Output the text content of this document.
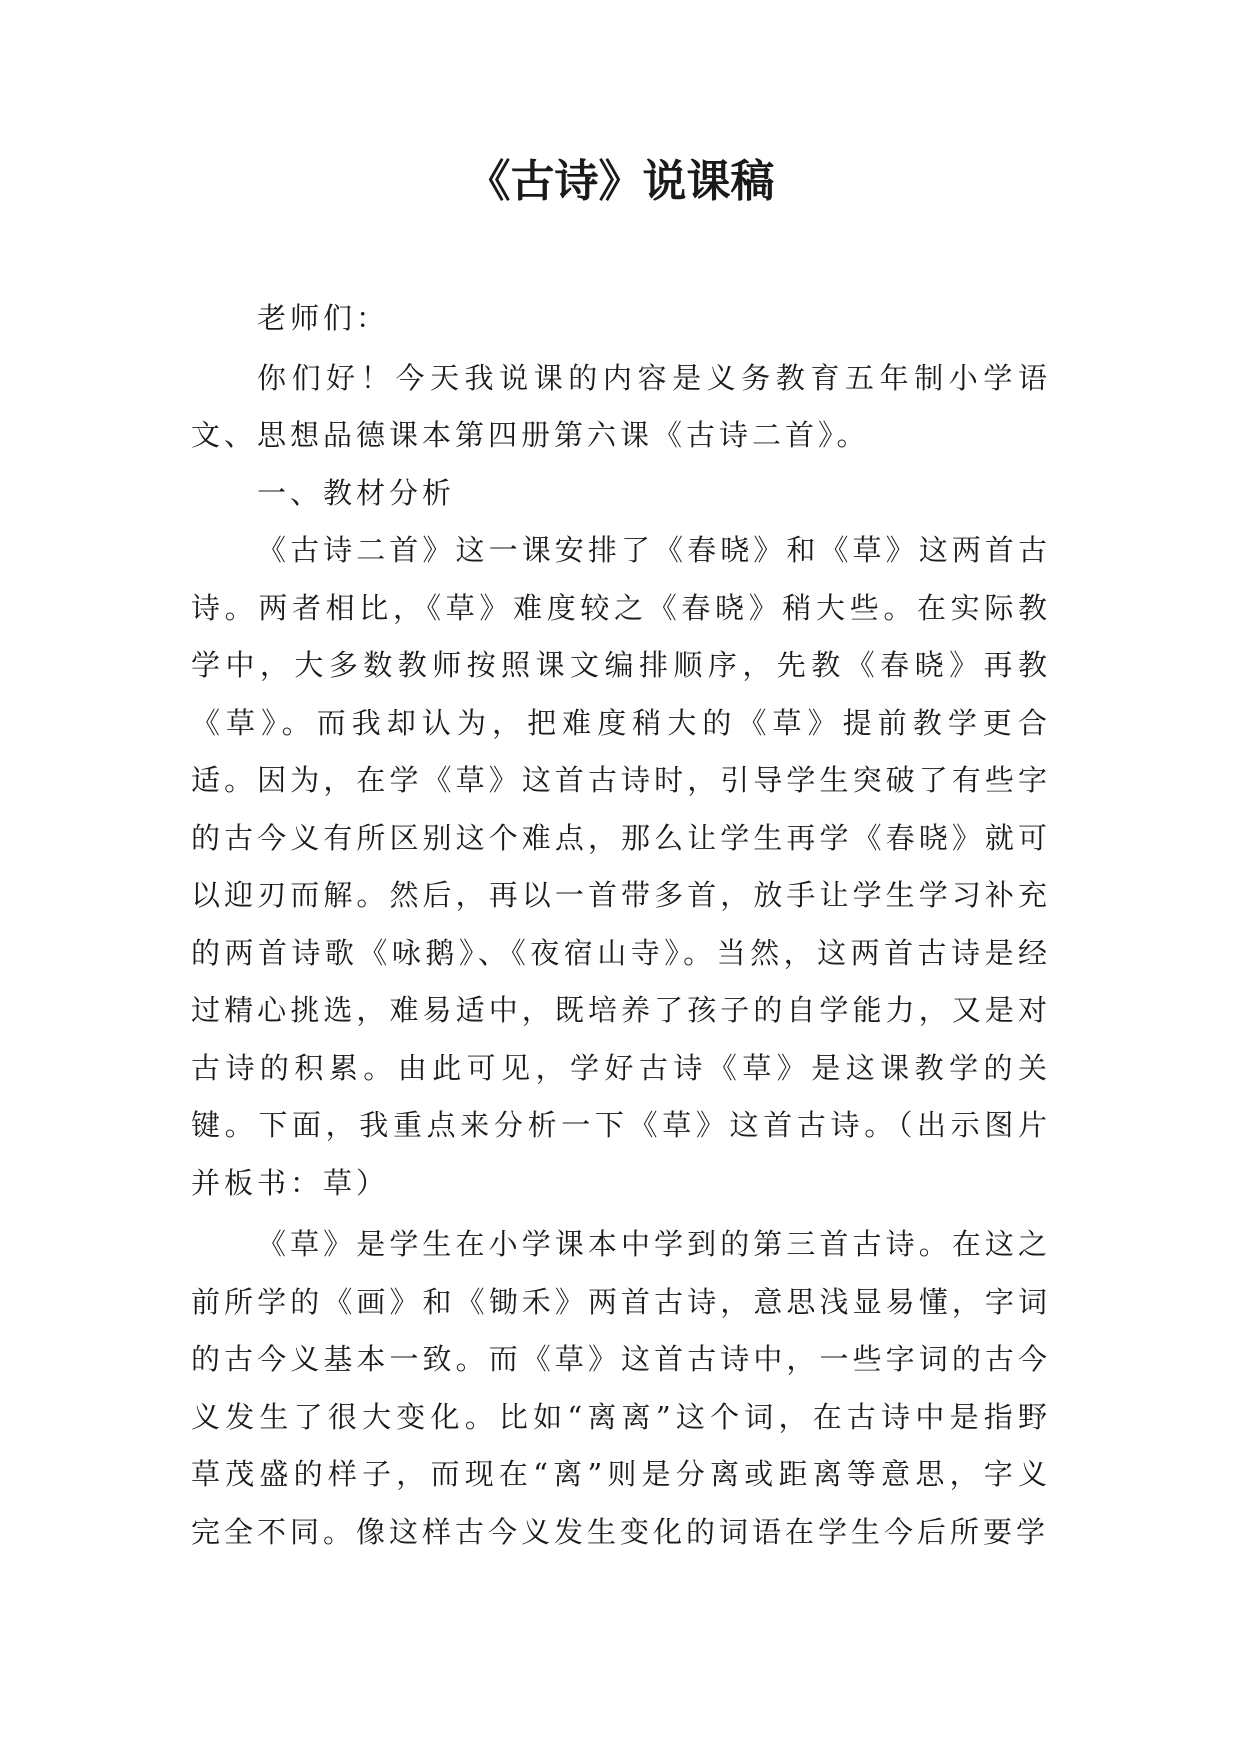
《古诗》说课稿

老师们：

你们好！今天我说课的内容是义务教育五年制小学语文、思想品德课本第四册第六课《古诗二首》。

一、教材分析

《古诗二首》这一课安排了《春晓》和《草》这两首古诗。两者相比，《草》难度较之《春晓》稍大些。在实际教学中，大多数教师按照课文编排顺序，先教《春晓》再教《草》。而我却认为，把难度稍大的《草》提前教学更合适。因为，在学《草》这首古诗时，引导学生突破了有些字的古今义有所区别这个难点，那么让学生再学《春晓》就可以迎刃而解。然后，再以一首带多首，放手让学生学习补充的两首诗歌《咏鹅》、《夜宿山寺》。当然，这两首古诗是经过精心挑选，难易适中，既培养了孩子的自学能力，又是对古诗的积累。由此可见，学好古诗《草》是这课教学的关键。下面，我重点来分析一下《草》这首古诗。（出示图片并板书：草）

《草》是学生在小学课本中学到的第三首古诗。在这之前所学的《画》和《锄禾》两首古诗，意思浅显易懂，字词的古今义基本一致。而《草》这首古诗中，一些字词的古今义发生了很大变化。比如“离离”这个词，在古诗中是指野草茂盛的样子，而现在“离”则是分离或距离等意思，字义完全不同。像这样古今义发生变化的词语在学生今后所要学
